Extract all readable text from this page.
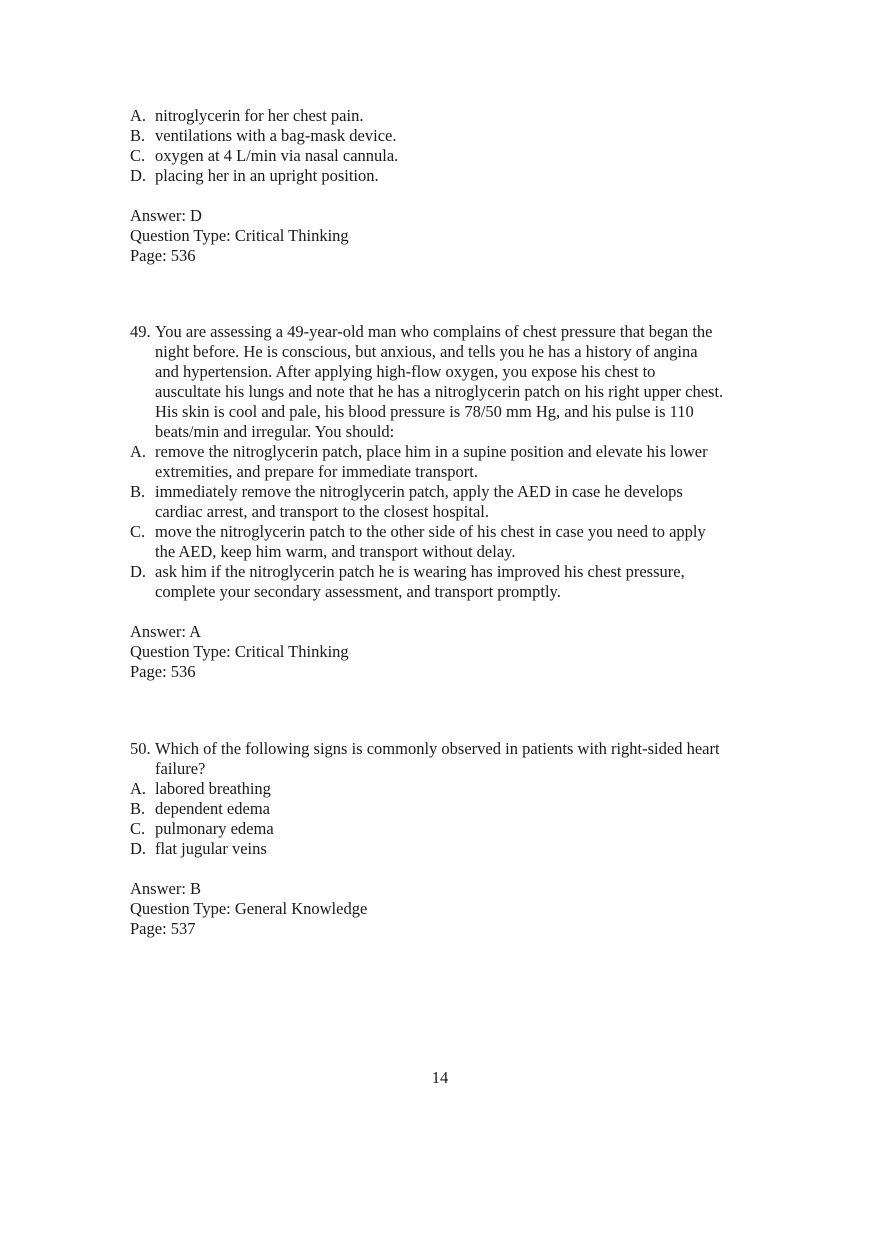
A. nitroglycerin for her chest pain.
B. ventilations with a bag-mask device.
C. oxygen at 4 L/min via nasal cannula.
D. placing her in an upright position.
Answer: D
Question Type: Critical Thinking
Page: 536
49. You are assessing a 49-year-old man who complains of chest pressure that began the
night before. He is conscious, but anxious, and tells you he has a history of angina
and hypertension. After applying high-flow oxygen, you expose his chest to
auscultate his lungs and note that he has a nitroglycerin patch on his right upper chest.
His skin is cool and pale, his blood pressure is 78/50 mm Hg, and his pulse is 110
beats/min and irregular. You should:
A. remove the nitroglycerin patch, place him in a supine position and elevate his lower
extremities, and prepare for immediate transport.
B. immediately remove the nitroglycerin patch, apply the AED in case he develops
cardiac arrest, and transport to the closest hospital.
C. move the nitroglycerin patch to the other side of his chest in case you need to apply
the AED, keep him warm, and transport without delay.
D. ask him if the nitroglycerin patch he is wearing has improved his chest pressure,
complete your secondary assessment, and transport promptly.
Answer: A
Question Type: Critical Thinking
Page: 536
50. Which of the following signs is commonly observed in patients with right-sided heart
failure?
A. labored breathing
B. dependent edema
C. pulmonary edema
D. flat jugular veins
Answer: B
Question Type: General Knowledge
Page: 537
14
